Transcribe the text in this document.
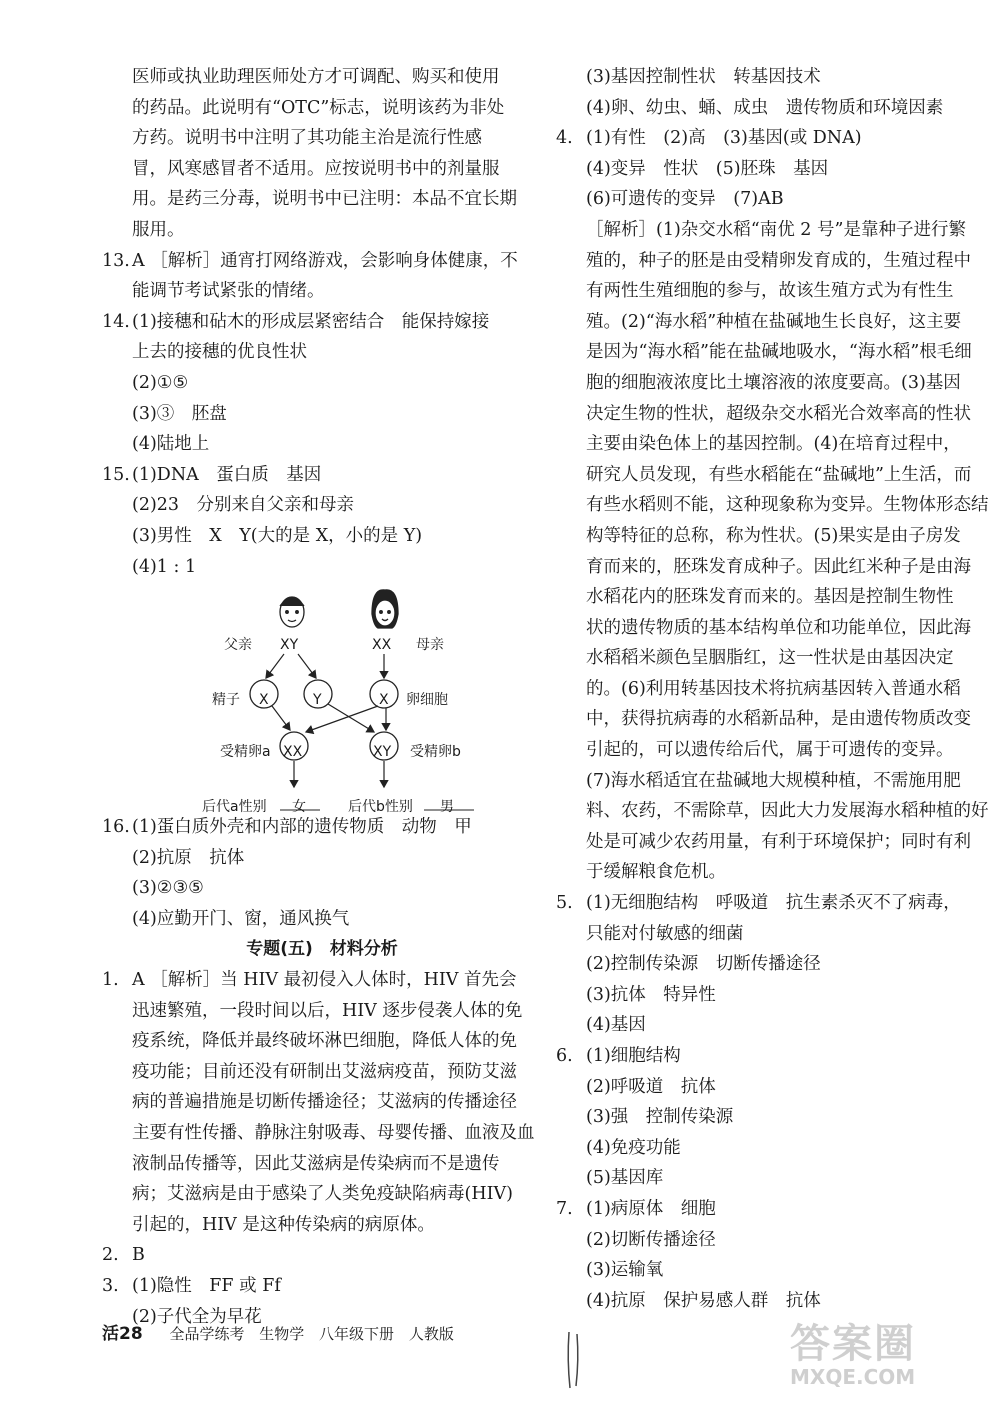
医师或执业助理医师处方才可调配、购买和使用

的药品。此说明有“OTC”标志，说明该药为非处

方药。说明书中注明了其功能主治是流行性感

冒，风寒感冒者不适用。应按说明书中的剂量服

用。是药三分毒，说明书中已注明：本品不宜长期

服用。

13. A ［解析］通宵打网络游戏，会影响身体健康，不

能调节考试紧张的情绪。

14. (1)接穗和砧木的形成层紧密结合　能保持嫁接

上去的接穗的优良性状

(2)①⑤

(3)③　胚盘

(4)陆地上

15. (1)DNA　蛋白质　基因

(2)23　分别来自父亲和母亲

(3)男性　X　Y(大的是 X，小的是 Y)

(4)1 : 1

父亲 XY	XX 母亲
精子 X	Y	X 卵细胞
受精卵a XX	XY 受精卵b
后代a性别 女	后代b性别 男
16. (1)蛋白质外壳和内部的遗传物质　动物　甲

(2)抗原　抗体

(3)②③⑤

(4)应勤开门、窗，通风换气

专题(五)　材料分析

1. A ［解析］当 HIV 最初侵入人体时，HIV 首先会

迅速繁殖，一段时间以后，HIV 逐步侵袭人体的免

疫系统，降低并最终破坏淋巴细胞，降低人体的免

疫功能；目前还没有研制出艾滋病疫苗，预防艾滋

病的普遍措施是切断传播途径；艾滋病的传播途径

主要有性传播、静脉注射吸毒、母婴传播、血液及血

液制品传播等，因此艾滋病是传染病而不是遗传

病；艾滋病是由于感染了人类免疫缺陷病毒(HIV)

引起的，HIV 是这种传染病的病原体。

2. B

3. (1)隐性　FF 或 Ff

(2)子代全为早花

(3)基因控制性状　转基因技术

(4)卵、幼虫、蛹、成虫　遗传物质和环境因素

4. (1)有性　(2)高　(3)基因(或 DNA)

(4)变异　性状　(5)胚珠　基因

(6)可遗传的变异　(7)AB

［解析］(1)杂交水稻“南优 2 号”是靠种子进行繁

殖的，种子的胚是由受精卵发育成的，生殖过程中

有两性生殖细胞的参与，故该生殖方式为有性生

殖。(2)“海水稻”种植在盐碱地生长良好，这主要

是因为“海水稻”能在盐碱地吸水，“海水稻”根毛细

胞的细胞液浓度比土壤溶液的浓度要高。(3)基因

决定生物的性状，超级杂交水稻光合效率高的性状

主要由染色体上的基因控制。(4)在培育过程中，

研究人员发现，有些水稻能在“盐碱地”上生活，而

有些水稻则不能，这种现象称为变异。生物体形态结

构等特征的总称，称为性状。(5)果实是由子房发

育而来的，胚珠发育成种子。因此红米种子是由海

水稻花内的胚珠发育而来的。基因是控制生物性

状的遗传物质的基本结构单位和功能单位，因此海

水稻稻米颜色呈胭脂红，这一性状是由基因决定

的。(6)利用转基因技术将抗病基因转入普通水稻

中，获得抗病毒的水稻新品种，是由遗传物质改变

引起的，可以遗传给后代，属于可遗传的变异。

(7)海水稻适宜在盐碱地大规模种植，不需施用肥

料、农药，不需除草，因此大力发展海水稻种植的好

处是可减少农药用量，有利于环境保护；同时有利

于缓解粮食危机。

5. (1)无细胞结构　呼吸道　抗生素杀灭不了病毒，

只能对付敏感的细菌

(2)控制传染源　切断传播途径

(3)抗体　特异性

(4)基因

6. (1)细胞结构

(2)呼吸道　抗体

(3)强　控制传染源

(4)免疫功能

(5)基因库

7. (1)病原体　细胞

(2)切断传播途径

(3)运输氧

(4)抗原　保护易感人群　抗体

活28 全品学练考 生物学 八年级下册 人教版	答案圈
MXQE.COM
